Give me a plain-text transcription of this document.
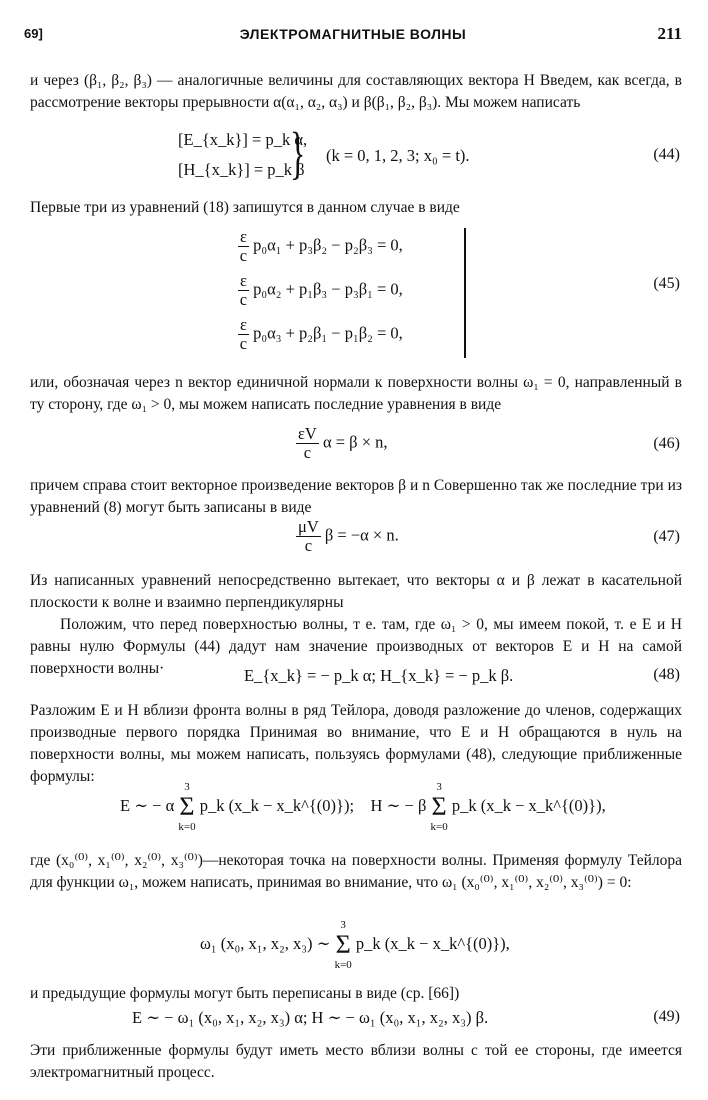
69]	ЭЛЕКТРОМАГНИТНЫЕ ВОЛНЫ	211
и через (β₁, β₂, β₃) — аналогичные величины для составляющих вектора H Введем, как всегда, в рассмотрение векторы прерывности α(α₁, α₂, α₃) и β(β₁, β₂, β₃). Мы можем написать
[E_{x_k}] = p_k α,
[H_{x_k}] = p_k β
} (k = 0, 1, 2, 3; x₀ = t).	(44)
Первые три из уравнений (18) запишутся в данном случае в виде
$\frac{\varepsilon}{c} p_0\alpha_1 + p_3\beta_2 - p_2\beta_3 = 0$,
$\frac{\varepsilon}{c} p_0\alpha_2 + p_1\beta_3 - p_3\beta_1 = 0$,
$\frac{\varepsilon}{c} p_0\alpha_3 + p_2\beta_1 - p_1\beta_2 = 0$,
(45)
или, обозначая через n вектор единичной нормали к поверхности волны ω₁ = 0, направленный в ту сторону, где ω₁ > 0, мы можем написать последние уравнения в виде
$\frac{\varepsilon V}{c}$ α = β × n,	(46)
причем справа стоит векторное произведение векторов β и n Совершенно так же последние три из уравнений (8) могут быть записаны в виде
$\frac{\mu V}{c}$ β = −α × n.	(47)
Из написанных уравнений непосредственно вытекает, что векторы α и β лежат в касательной плоскости к волне и взаимно перпендикулярны
Положим, что перед поверхностью волны, т е. там, где ω₁ > 0, мы имеем покой, т. е E и H равны нулю Формулы (44) дадут нам значение производных от векторов E и H на самой поверхности волны·	E_{x_k} = − p_k α; H_{x_k} = − p_k β.	(48)
Разложим E и H вблизи фронта волны в ряд Тейлора, доводя разложение до членов, содержащих производные первого порядка Принимая во внимание, что E и H обращаются в нуль на поверхности волны, мы можем написать, пользуясь формулами (48), следующие приближенные формулы:
E ∼ − α
3
Σ
k=0
p_k (x_k − x_k^{(0)}); H ∼ − β
3
Σ
k=0
p_k (x_k − x_k^{(0)}),
где (x₀⁽⁰⁾, x₁⁽⁰⁾, x₂⁽⁰⁾, x₃⁽⁰⁾)—некоторая точка на поверхности волны. Применяя формулу Тейлора для функции ω₁, можем написать, принимая во внимание, что ω₁ (x₀⁽⁰⁾, x₁⁽⁰⁾, x₂⁽⁰⁾, x₃⁽⁰⁾) = 0:
ω₁ (x₀, x₁, x₂, x₃) ∼
3
Σ
k=0
p_k (x_k − x_k^{(0)}),
и предыдущие формулы могут быть переписаны в виде (ср. [66])
E ∼ − ω₁ (x₀, x₁, x₂, x₃) α; H ∼ − ω₁ (x₀, x₁, x₂, x₃) β.	(49)
Эти приближенные формулы будут иметь место вблизи волны с той ее стороны, где имеется электромагнитный процесс.
